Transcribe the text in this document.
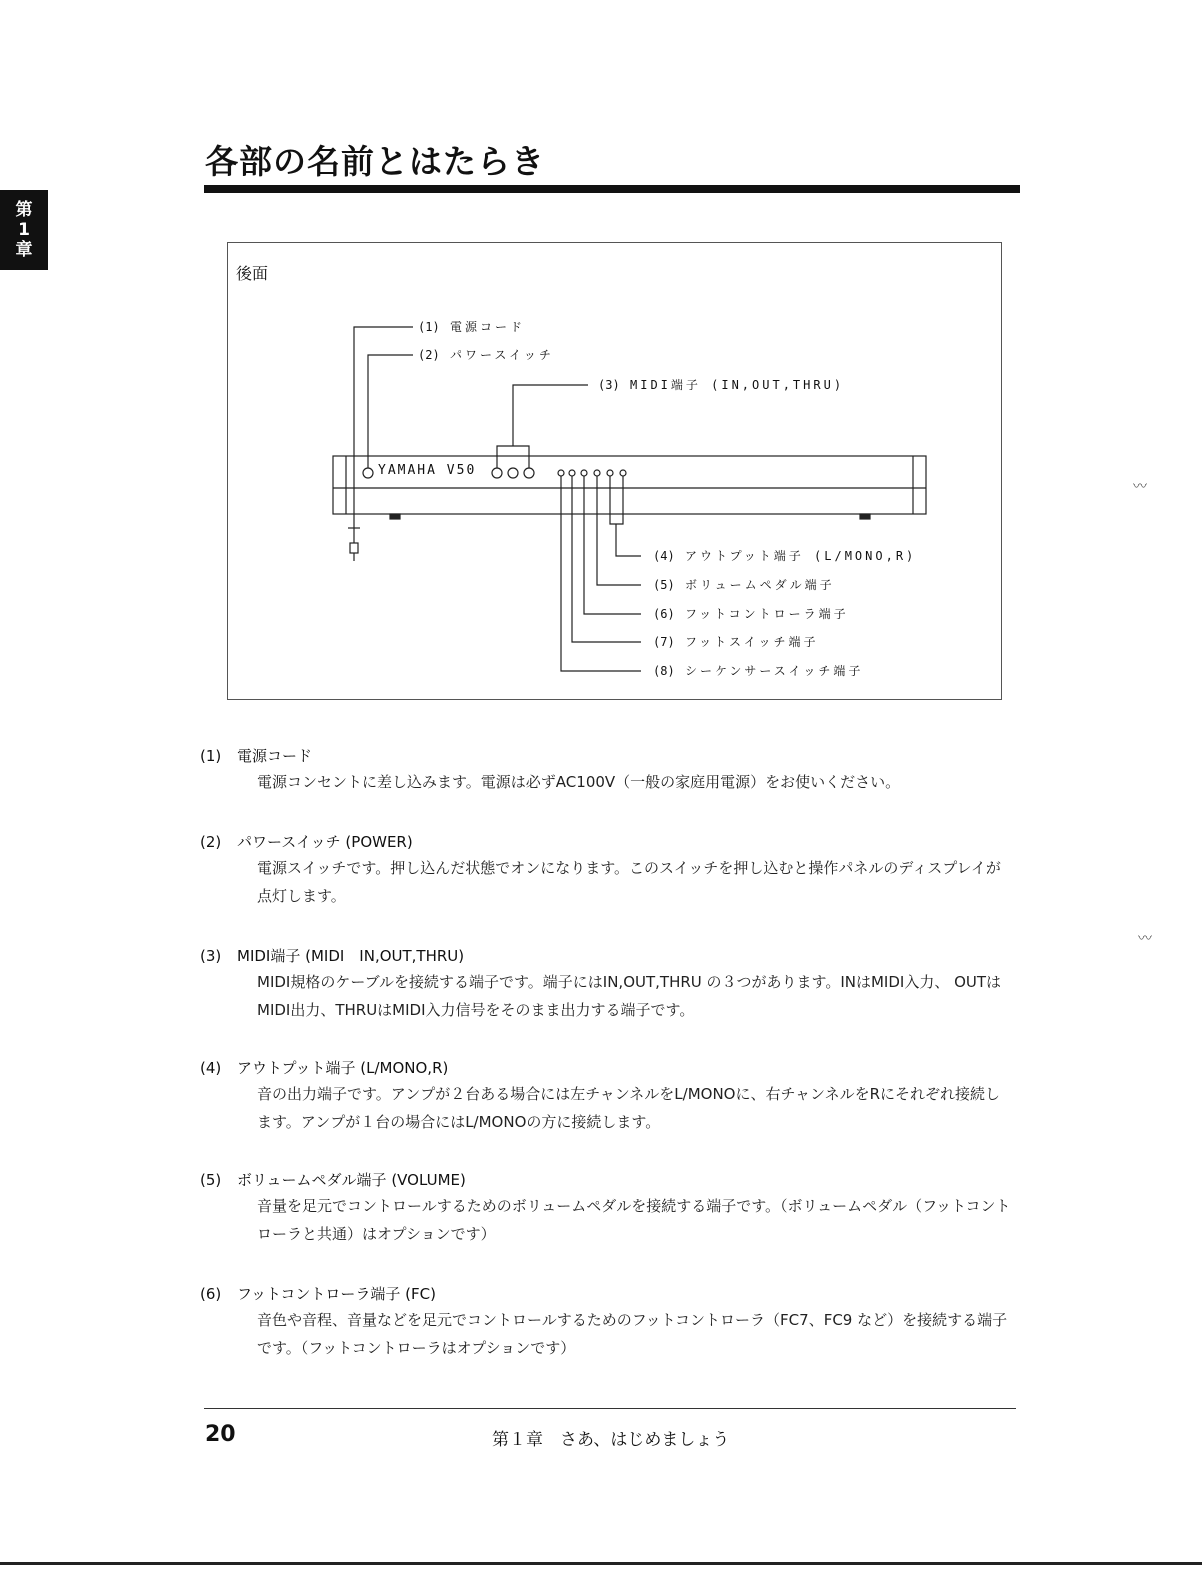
第
1
章
各部の名前とはたらき
後面
YAMAHA V50
(1) 電源コード
(2) パワースイッチ
(3) MIDI端子 (IN,OUT,THRU)
(4) アウトプット端子 (L/MONO,R)
(5) ボリュームペダル端子
(6) フットコントローラ端子
(7) フットスイッチ端子
(8) シーケンサースイッチ端子
(1) 電源コード
電源コンセントに差し込みます。電源は必ずAC100V（一般の家庭用電源）をお使いください。
(2) パワースイッチ (POWER)
電源スイッチです。押し込んだ状態でオンになります。このスイッチを押し込むと操作パネルのディスプレイが点灯します。
(3) MIDI端子 (MIDI　IN,OUT,THRU)
MIDI規格のケーブルを接続する端子です。端子にはIN,OUT,THRU の３つがあります。INはMIDI入力、 OUTはMIDI出力、THRUはMIDI入力信号をそのまま出力する端子です。
(4) アウトプット端子 (L/MONO,R)
音の出力端子です。アンプが２台ある場合には左チャンネルをL/MONOに、右チャンネルをRにそれぞれ接続します。アンプが１台の場合にはL/MONOの方に接続します。
(5) ボリュームペダル端子 (VOLUME)
音量を足元でコントロールするためのボリュームペダルを接続する端子です。（ボリュームペダル（フットコントローラと共通）はオプションです）
(6) フットコントローラ端子 (FC)
音色や音程、音量などを足元でコントロールするためのフットコントローラ（FC7、FC9 など）を接続する端子です。（フットコントローラはオプションです）
20	第１章　さあ、はじめましょう
〰
〰
